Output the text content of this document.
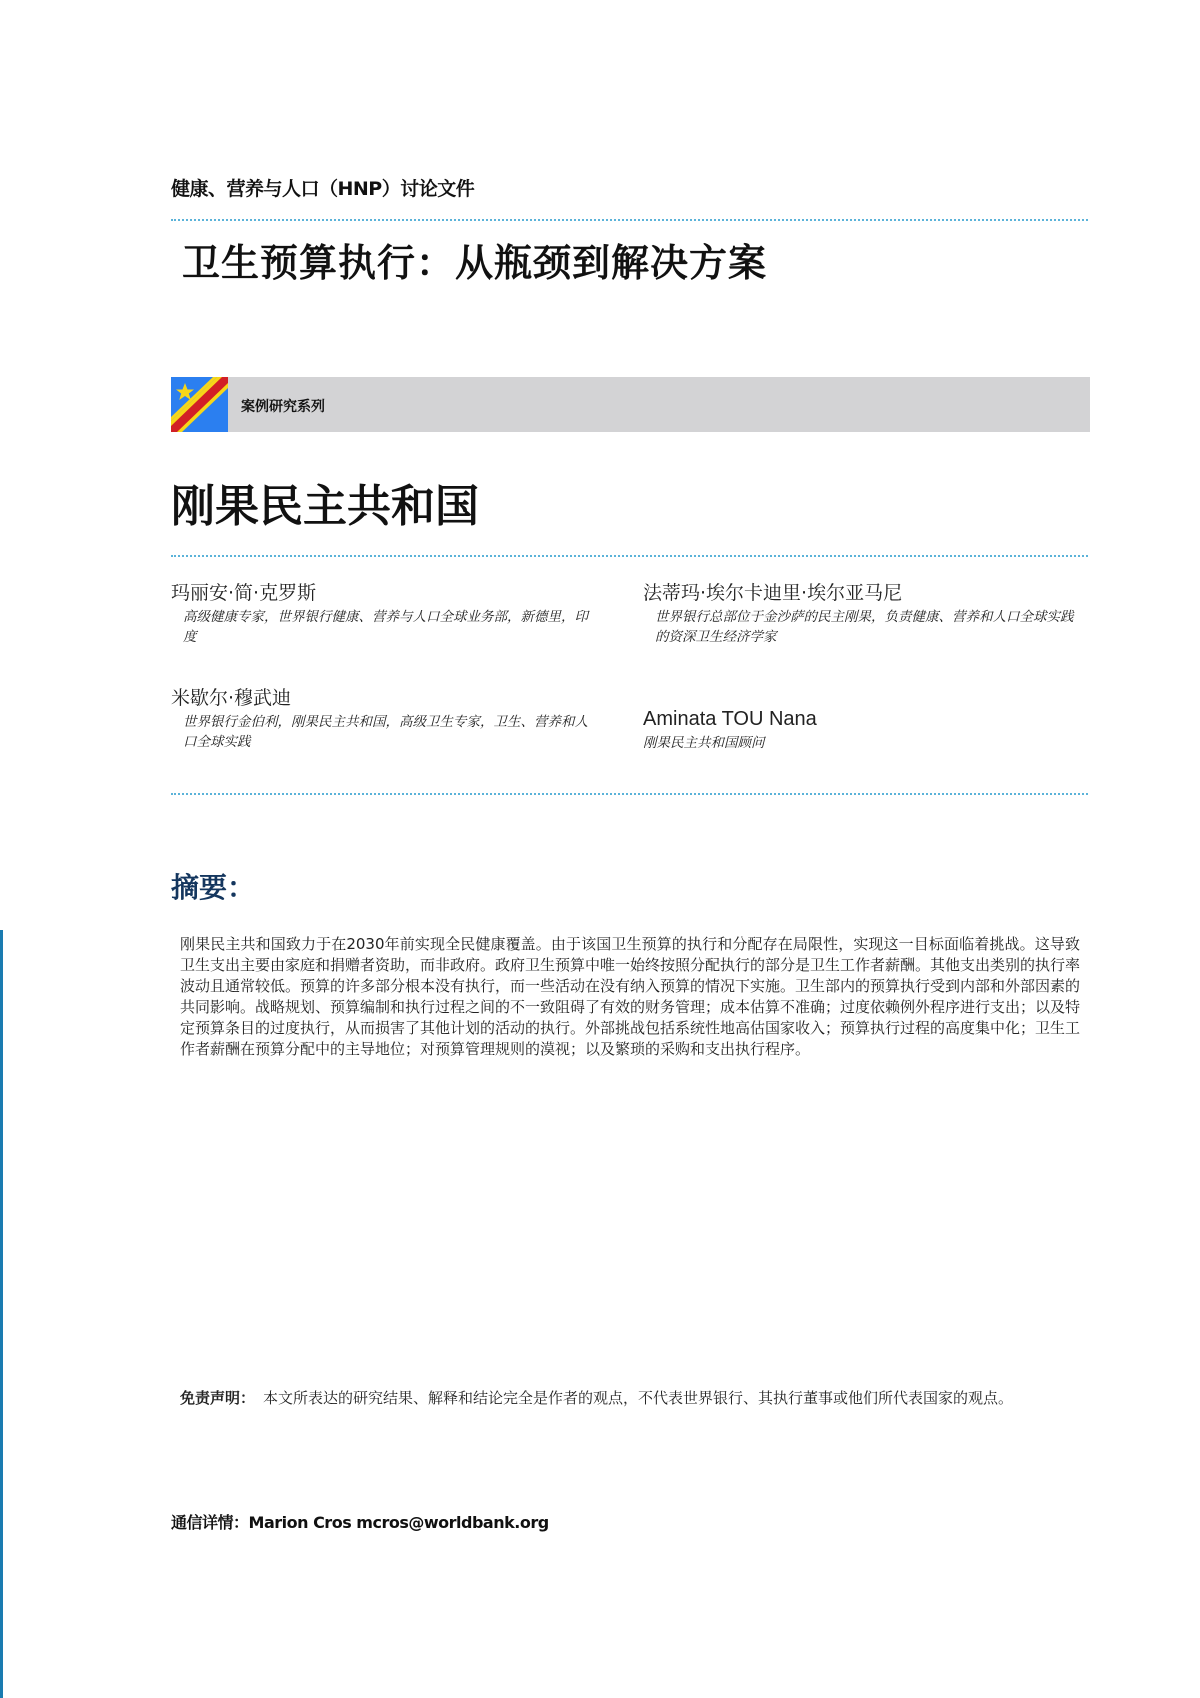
健康、营养与人口（HNP）讨论文件
卫生预算执行：从瓶颈到解决方案
案例研究系列
刚果民主共和国
玛丽安·简·克罗斯
高级健康专家，世界银行健康、营养与人口全球业务部，新德里，印度
法蒂玛·埃尔卡迪里·埃尔亚马尼
世界银行总部位于金沙萨的民主刚果，负责健康、营养和人口全球实践的资深卫生经济学家
米歇尔·穆武迪
世界银行金伯利，刚果民主共和国，高级卫生专家，卫生、营养和人口全球实践
Aminata TOU Nana
刚果民主共和国顾问
摘要：
刚果民主共和国致力于在2030年前实现全民健康覆盖。由于该国卫生预算的执行和分配存在局限性，实现这一目标面临着挑战。这导致卫生支出主要由家庭和捐赠者资助，而非政府。政府卫生预算中唯一始终按照分配执行的部分是卫生工作者薪酬。其他支出类别的执行率波动且通常较低。预算的许多部分根本没有执行，而一些活动在没有纳入预算的情况下实施。卫生部内的预算执行受到内部和外部因素的共同影响。战略规划、预算编制和执行过程之间的不一致阻碍了有效的财务管理；成本估算不准确；过度依赖例外程序进行支出；以及特定预算条目的过度执行，从而损害了其他计划的活动的执行。外部挑战包括系统性地高估国家收入；预算执行过程的高度集中化；卫生工作者薪酬在预算分配中的主导地位；对预算管理规则的漠视；以及繁琐的采购和支出执行程序。
免责声明： 本文所表达的研究结果、解释和结论完全是作者的观点，不代表世界银行、其执行董事或他们所代表国家的观点。
通信详情：Marion Cros mcros@worldbank.org
